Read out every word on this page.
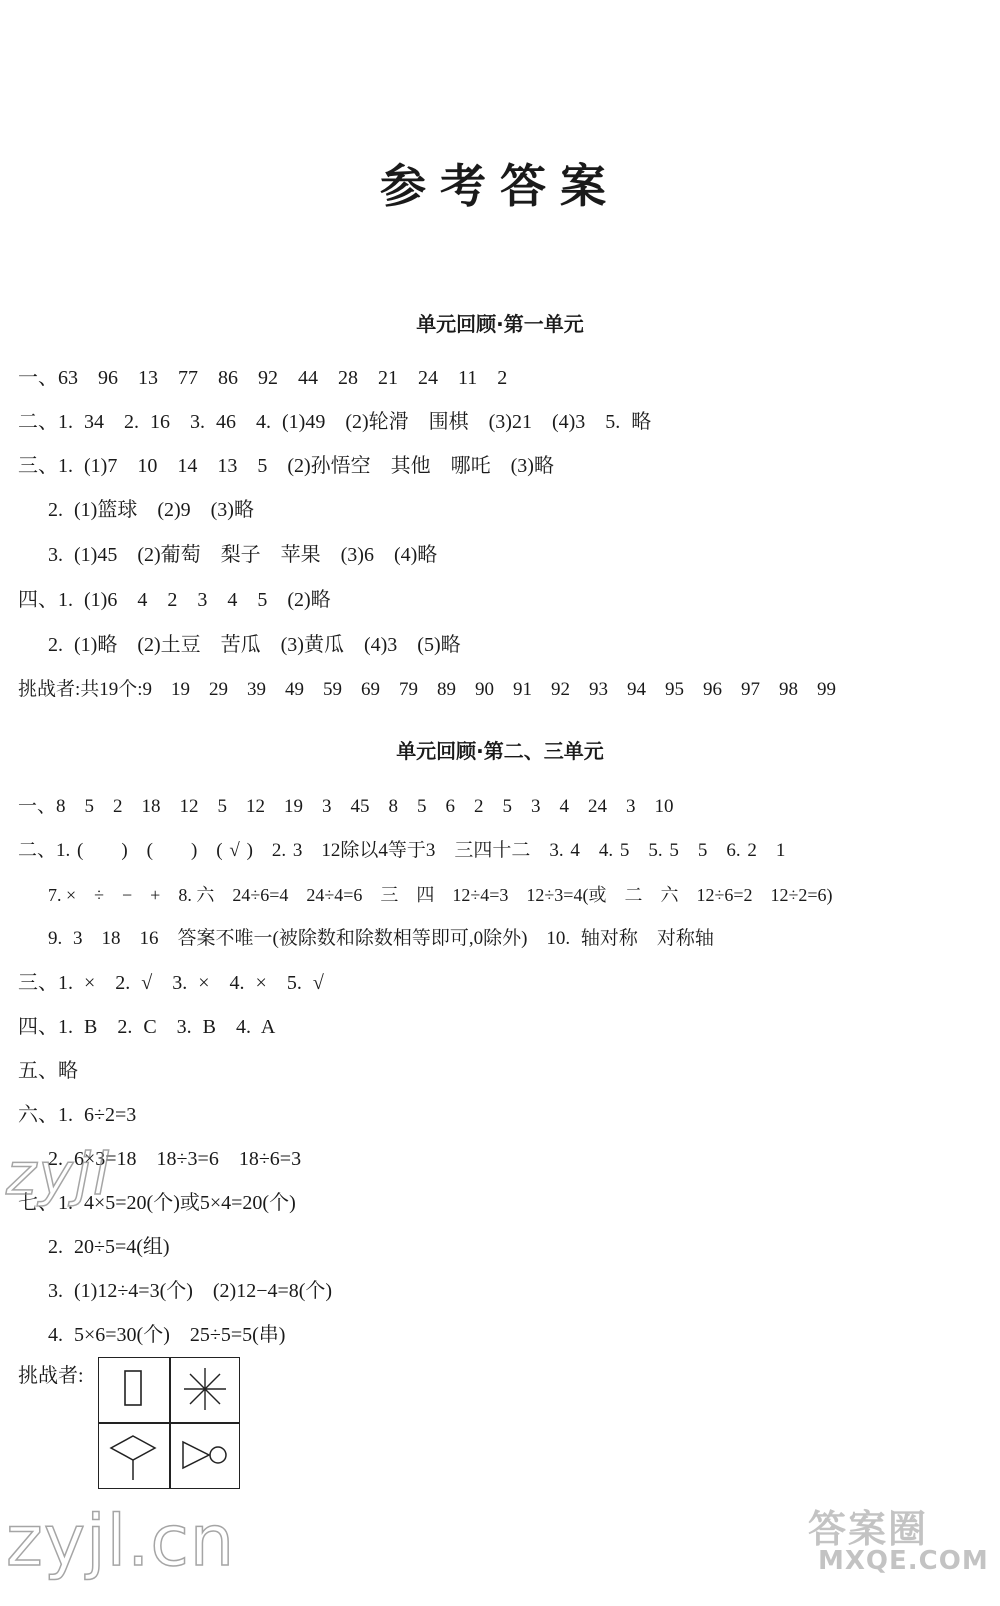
参考答案
单元回顾·第一单元
一、63　96　13　77　86　92　44　28　21　24　11　2
二、1. 34　2. 16　3. 46　4. (1)49　(2)轮滑　围棋　(3)21　(4)3　5. 略
三、1. (1)7　10　14　13　5　(2)孙悟空　其他　哪吒　(3)略
2. (1)篮球　(2)9　(3)略
3. (1)45　(2)葡萄　梨子　苹果　(3)6　(4)略
四、1. (1)6　4　2　3　4　5　(2)略
2. (1)略　(2)土豆　苦瓜　(3)黄瓜　(4)3　(5)略
挑战者:共19个:9　19　29　39　49　59　69　79　89　90　91　92　93　94　95　96　97　98　99
单元回顾·第二、三单元
一、8　5　2　18　12　5　12　19　3　45　8　5　6　2　5　3　4　24　3　10
二、1. (　　)　(　　)　( √ )　2. 3　12除以4等于3　三四十二　3. 4　4. 5　5. 5　5　6. 2　1
7. ×　÷　−　+　8. 六　24÷6=4　24÷4=6　三　四　12÷4=3　12÷3=4(或　二　六　12÷6=2　12÷2=6)
9. 3　18　16　答案不唯一(被除数和除数相等即可,0除外)　10. 轴对称　对称轴
三、1. ×　2. √　3. ×　4. ×　5. √
四、1. B　2. C　3. B　4. A
五、略
六、1. 6÷2=3
2. 6×3=18　18÷3=6　18÷6=3
七、1. 4×5=20(个)或5×4=20(个)
2. 20÷5=4(组)
3. (1)12÷4=3(个)　(2)12−4=8(个)
4. 5×6=30(个)　25÷5=5(串)
挑战者:
zyjl
zyjl.cn	答案圈
MXQE.COM
